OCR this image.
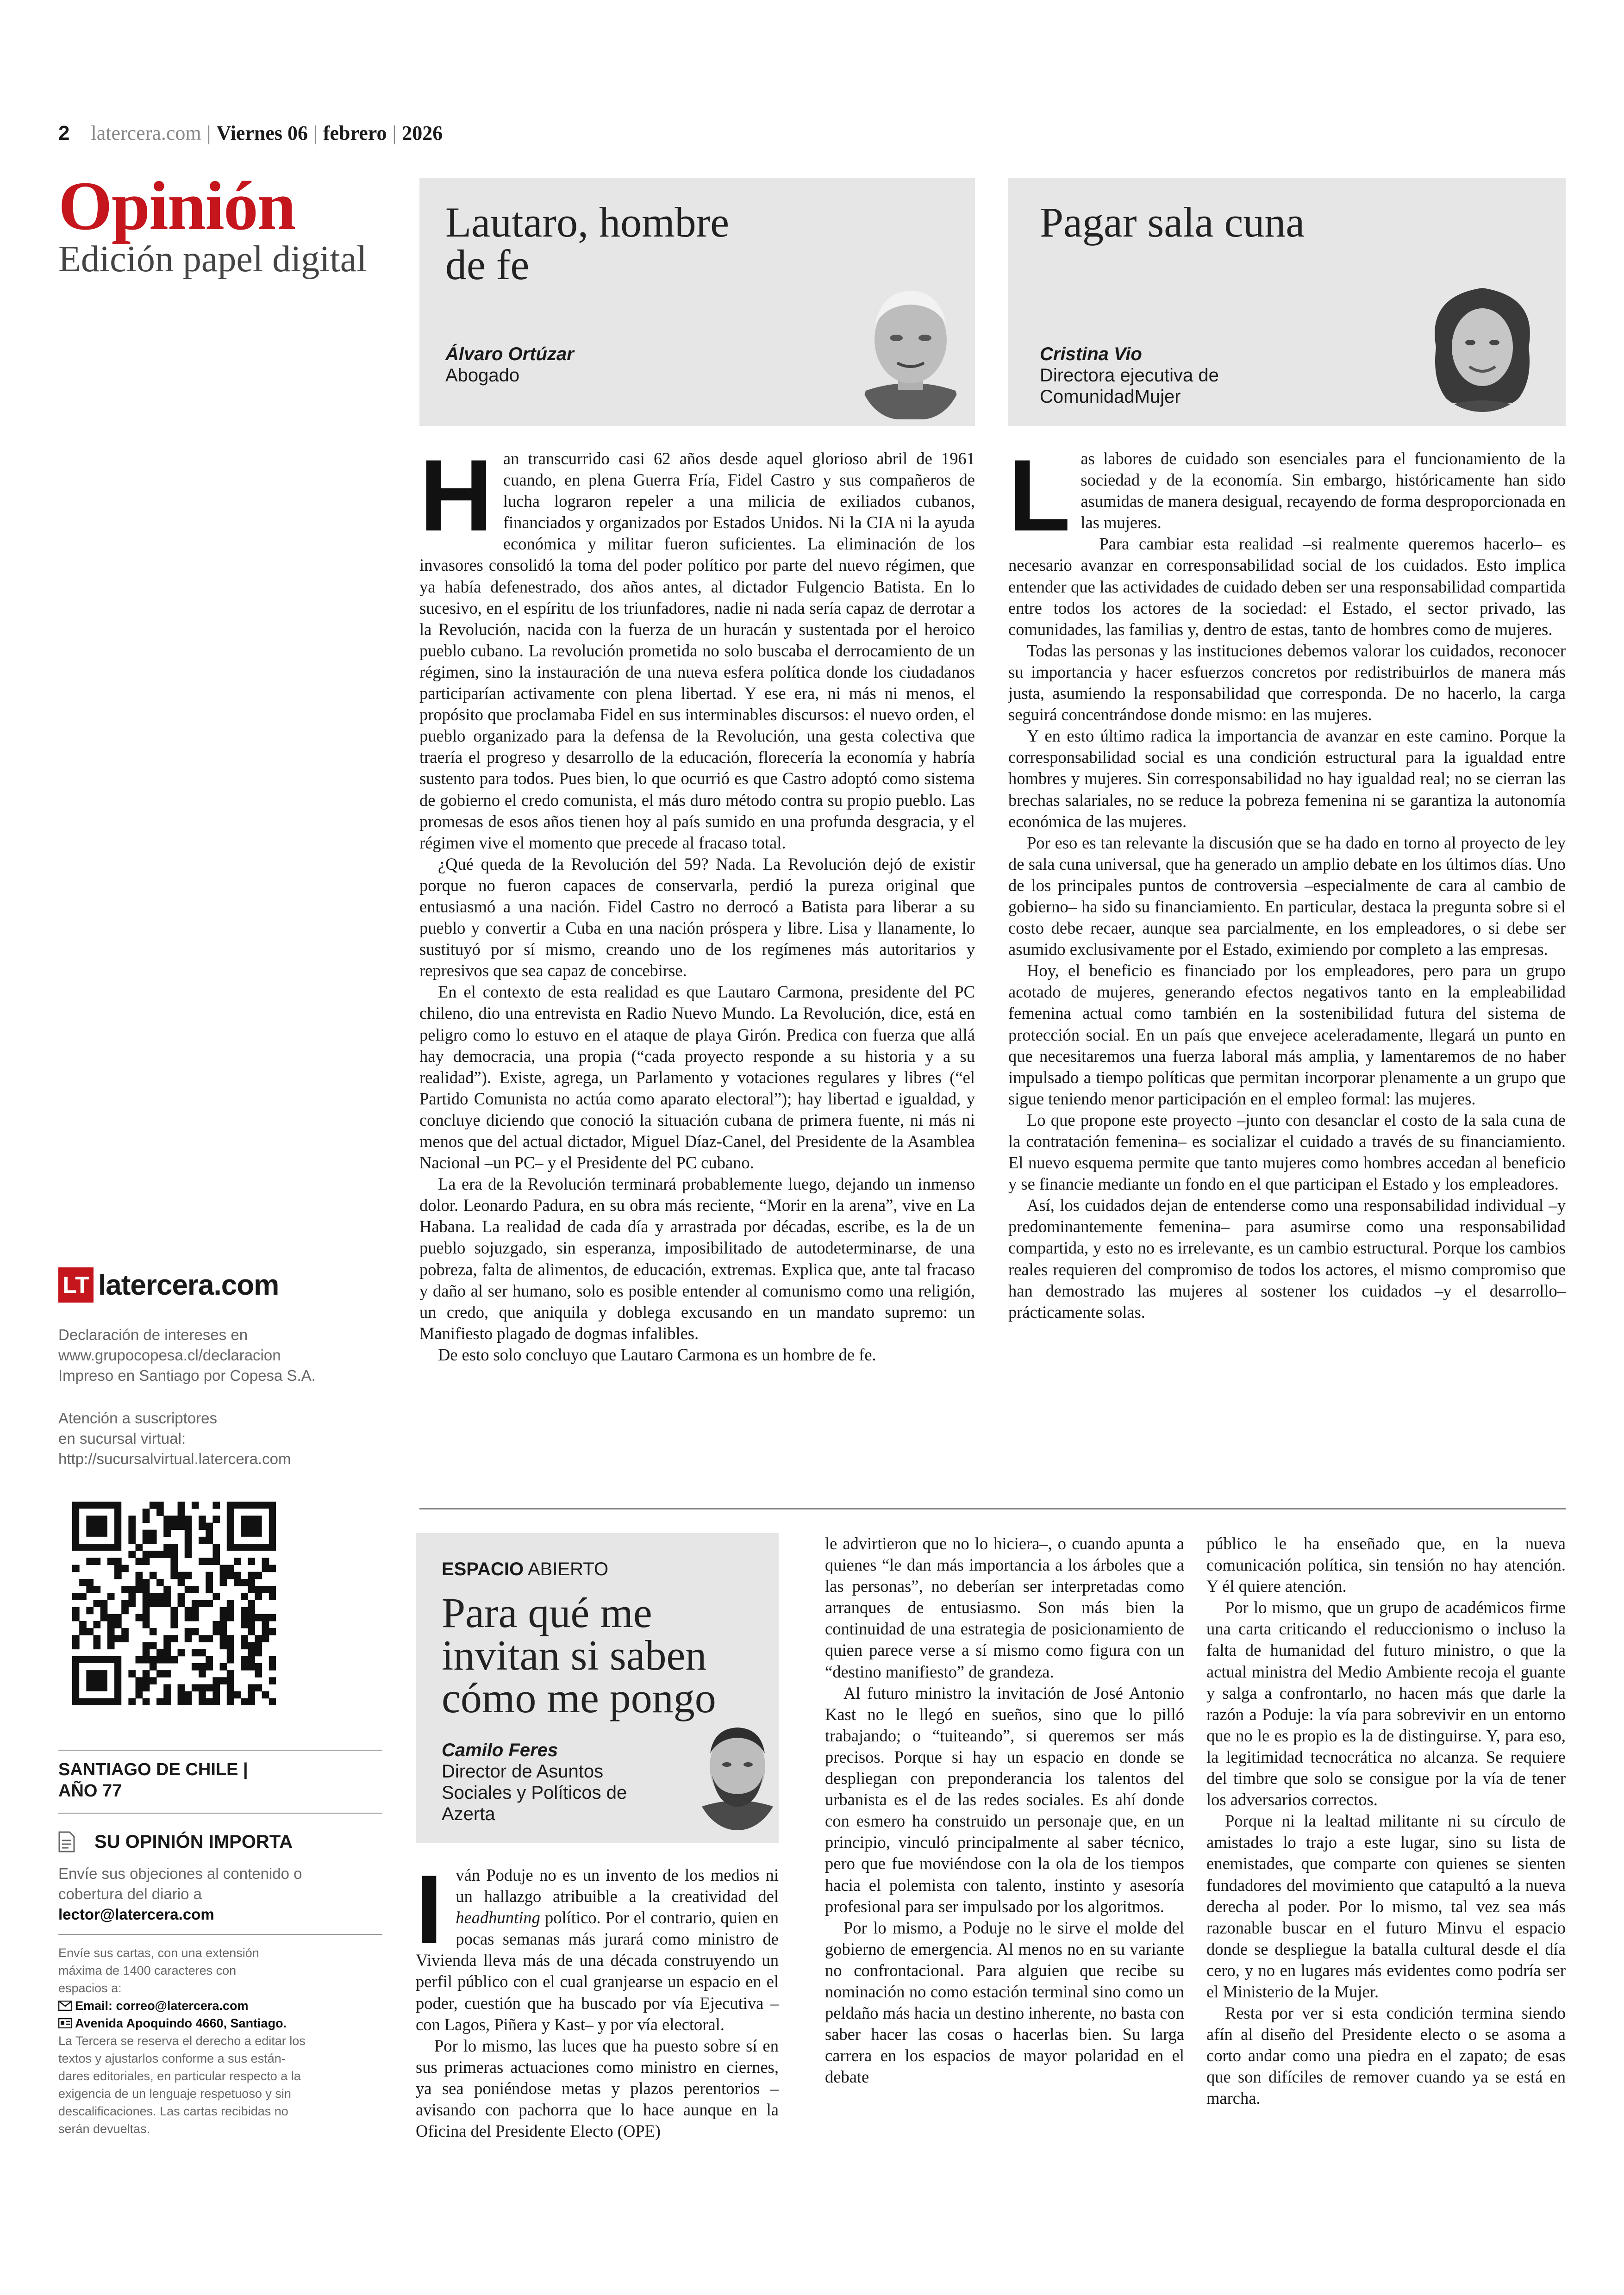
2 latercera.com | Viernes 06 | febrero | 2026
Opinión
Edición papel digital
Lautaro, hombre
de fe
Álvaro Ortúzar
Abogado
Pagar sala cuna
Cristina Vio
Directora ejecutiva de
ComunidadMujer

Han transcurrido casi 62 años desde aquel glorioso abril de 1961 cuando, en plena Guerra Fría, Fidel Castro y sus compañeros de lucha lograron repeler a una milicia de exiliados cubanos, financiados y organizados por Estados Unidos. Ni la CIA ni la ayuda económica y militar fueron suficientes. La eliminación de los invasores consolidó la toma del poder político por parte del nuevo régimen, que ya había defenestrado, dos años antes, al dictador Fulgencio Batista. En lo sucesivo, en el espíritu de los triunfadores, nadie ni nada sería capaz de derrotar a la Revolución, nacida con la fuerza de un huracán y sustentada por el heroico pueblo cubano. La revolución prometida no solo buscaba el derrocamiento de un régimen, sino la instauración de una nueva esfera política donde los ciudadanos participarían activamente con plena libertad. Y ese era, ni más ni menos, el propósito que proclamaba Fidel en sus interminables discursos: el nuevo orden, el pueblo organizado para la defensa de la Revolución, una gesta colectiva que traería el progreso y desarrollo de la educación, florecería la economía y habría sustento para todos. Pues bien, lo que ocurrió es que Castro adoptó como sistema de gobierno el credo comunista, el más duro método contra su propio pueblo. Las promesas de esos años tienen hoy al país sumido en una profunda desgracia, y el régimen vive el momento que precede al fracaso total.

¿Qué queda de la Revolución del 59? Nada. La Revolución dejó de existir porque no fueron capaces de conservarla, perdió la pureza original que entusiasmó a una nación. Fidel Castro no derrocó a Batista para liberar a su pueblo y convertir a Cuba en una nación próspera y libre. Lisa y llanamente, lo sustituyó por sí mismo, creando uno de los regímenes más autoritarios y represivos que sea capaz de concebirse.

En el contexto de esta realidad es que Lautaro Carmona, presidente del PC chileno, dio una entrevista en Radio Nuevo Mundo. La Revolución, dice, está en peligro como lo estuvo en el ataque de playa Girón. Predica con fuerza que allá hay democracia, una propia (“cada proyecto responde a su historia y a su realidad”). Existe, agrega, un Parlamento y votaciones regulares y libres (“el Partido Comunista no actúa como aparato electoral”); hay libertad e igualdad, y concluye diciendo que conoció la situación cubana de primera fuente, ni más ni menos que del actual dictador, Miguel Díaz-Canel, del Presidente de la Asamblea Nacional –un PC– y el Presidente del PC cubano.

La era de la Revolución terminará probablemente luego, dejando un inmenso dolor. Leonardo Padura, en su obra más reciente, “Morir en la arena”, vive en La Habana. La realidad de cada día y arrastrada por décadas, escribe, es la de un pueblo sojuzgado, sin esperanza, imposibilitado de autodeterminarse, de una pobreza, falta de alimentos, de educación, extremas. Explica que, ante tal fracaso y daño al ser humano, solo es posible entender al comunismo como una religión, un credo, que aniquila y doblega excusando en un mandato supremo: un Manifiesto plagado de dogmas infalibles.

De esto solo concluyo que Lautaro Carmona es un hombre de fe.

Las labores de cuidado son esenciales para el funcionamiento de la sociedad y de la economía. Sin embargo, históricamente han sido asumidas de manera desigual, recayendo de forma desproporcionada en las mujeres.

Para cambiar esta realidad –si realmente queremos hacerlo– es necesario avanzar en corresponsabilidad social de los cuidados. Esto implica entender que las actividades de cuidado deben ser una responsabilidad compartida entre todos los actores de la sociedad: el Estado, el sector privado, las comunidades, las familias y, dentro de estas, tanto de hombres como de mujeres.

Todas las personas y las instituciones debemos valorar los cuidados, reconocer su importancia y hacer esfuerzos concretos por redistribuirlos de manera más justa, asumiendo la responsabilidad que corresponda. De no hacerlo, la carga seguirá concentrándose donde mismo: en las mujeres.

Y en esto último radica la importancia de avanzar en este camino. Porque la corresponsabilidad social es una condición estructural para la igualdad entre hombres y mujeres. Sin corresponsabilidad no hay igualdad real; no se cierran las brechas salariales, no se reduce la pobreza femenina ni se garantiza la autonomía económica de las mujeres.

Por eso es tan relevante la discusión que se ha dado en torno al proyecto de ley de sala cuna universal, que ha generado un amplio debate en los últimos días. Uno de los principales puntos de controversia –especialmente de cara al cambio de gobierno– ha sido su financiamiento. En particular, destaca la pregunta sobre si el costo debe recaer, aunque sea parcialmente, en los empleadores, o si debe ser asumido exclusivamente por el Estado, eximiendo por completo a las empresas.

Hoy, el beneficio es financiado por los empleadores, pero para un grupo acotado de mujeres, generando efectos negativos tanto en la empleabilidad femenina actual como también en la sostenibilidad futura del sistema de protección social. En un país que envejece aceleradamente, llegará un punto en que necesitaremos una fuerza laboral más amplia, y lamentaremos de no haber impulsado a tiempo políticas que permitan incorporar plenamente a un grupo que sigue teniendo menor participación en el empleo formal: las mujeres.

Lo que propone este proyecto –junto con desanclar el costo de la sala cuna de la contratación femenina– es socializar el cuidado a través de su financiamiento. El nuevo esquema permite que tanto mujeres como hombres accedan al beneficio y se financie mediante un fondo en el que participan el Estado y los empleadores.

Así, los cuidados dejan de entenderse como una responsabilidad individual –y predominantemente femenina– para asumirse como una responsabilidad compartida, y esto no es irrelevante, es un cambio estructural. Porque los cambios reales requieren del compromiso de todos los actores, el mismo compromiso que han demostrado las mujeres al sostener los cuidados –y el desarrollo– prácticamente solas.

ESPACIO ABIERTO
Para qué me
invitan si saben
cómo me pongo
Camilo Feres
Director de Asuntos
Sociales y Políticos de
Azerta

Iván Poduje no es un invento de los medios ni un hallazgo atribuible a la creatividad del headhunting político. Por el contrario, quien en pocas semanas más jurará como ministro de Vivienda lleva más de una década construyendo un perfil público con el cual granjearse un espacio en el poder, cuestión que ha buscado por vía Ejecutiva –con Lagos, Piñera y Kast– y por vía electoral.

Por lo mismo, las luces que ha puesto sobre sí en sus primeras actuaciones como ministro en ciernes, ya sea poniéndose metas y plazos perentorios –avisando con pachorra que lo hace aunque en la Oficina del Presidente Electo (OPE)

le advirtieron que no lo hiciera–, o cuando apunta a quienes “le dan más importancia a los árboles que a las personas”, no deberían ser interpretadas como arranques de entusiasmo. Son más bien la continuidad de una estrategia de posicionamiento de quien parece verse a sí mismo como figura con un “destino manifiesto” de grandeza.

Al futuro ministro la invitación de José Antonio Kast no le llegó en sueños, sino que lo pilló trabajando; o “tuiteando”, si queremos ser más precisos. Porque si hay un espacio en donde se despliegan con preponderancia los talentos del urbanista es el de las redes sociales. Es ahí donde con esmero ha construido un personaje que, en un principio, vinculó principalmente al saber técnico, pero que fue moviéndose con la ola de los tiempos hacia el polemista con talento, instinto y asesoría profesional para ser impulsado por los algoritmos.

Por lo mismo, a Poduje no le sirve el molde del gobierno de emergencia. Al menos no en su variante no confrontacional. Para alguien que recibe su nominación no como estación terminal sino como un peldaño más hacia un destino inherente, no basta con saber hacer las cosas o hacerlas bien. Su larga carrera en los espacios de mayor polaridad en el debate

público le ha enseñado que, en la nueva comunicación política, sin tensión no hay atención. Y él quiere atención.

Por lo mismo, que un grupo de académicos firme una carta criticando el reduccionismo o incluso la falta de humanidad del futuro ministro, o que la actual ministra del Medio Ambiente recoja el guante y salga a confrontarlo, no hacen más que darle la razón a Poduje: la vía para sobrevivir en un entorno que no le es propio es la de distinguirse. Y, para eso, la legitimidad tecnocrática no alcanza. Se requiere del timbre que solo se consigue por la vía de tener los adversarios correctos.

Porque ni la lealtad militante ni su círculo de amistades lo trajo a este lugar, sino su lista de enemistades, que comparte con quienes se sienten fundadores del movimiento que catapultó a la nueva derecha al poder. Por lo mismo, tal vez sea más razonable buscar en el futuro Minvu el espacio donde se despliegue la batalla cultural desde el día cero, y no en lugares más evidentes como podría ser el Ministerio de la Mujer.

Resta por ver si esta condición termina siendo afín al diseño del Presidente electo o se asoma a corto andar como una piedra en el zapato; de esas que son difíciles de remover cuando ya se está en marcha.

LT latercera.com
Declaración de intereses en
www.grupocopesa.cl/declaracion
Impreso en Santiago por Copesa S.A.
Atención a suscriptores
en sucursal virtual:
http://sucursalvirtual.latercera.com
SANTIAGO DE CHILE |
AÑO 77
SU OPINIÓN IMPORTA
Envíe sus objeciones al contenido o
cobertura del diario a
lector@latercera.com
Envíe sus cartas, con una extensión
máxima de 1400 caracteres con
espacios a:
Email: correo@latercera.com
Avenida Apoquindo 4660, Santiago.
La Tercera se reserva el derecho a editar los
textos y ajustarlos conforme a sus están-
dares editoriales, en particular respecto a la
exigencia de un lenguaje respetuoso y sin
descalificaciones. Las cartas recibidas no
serán devueltas.
